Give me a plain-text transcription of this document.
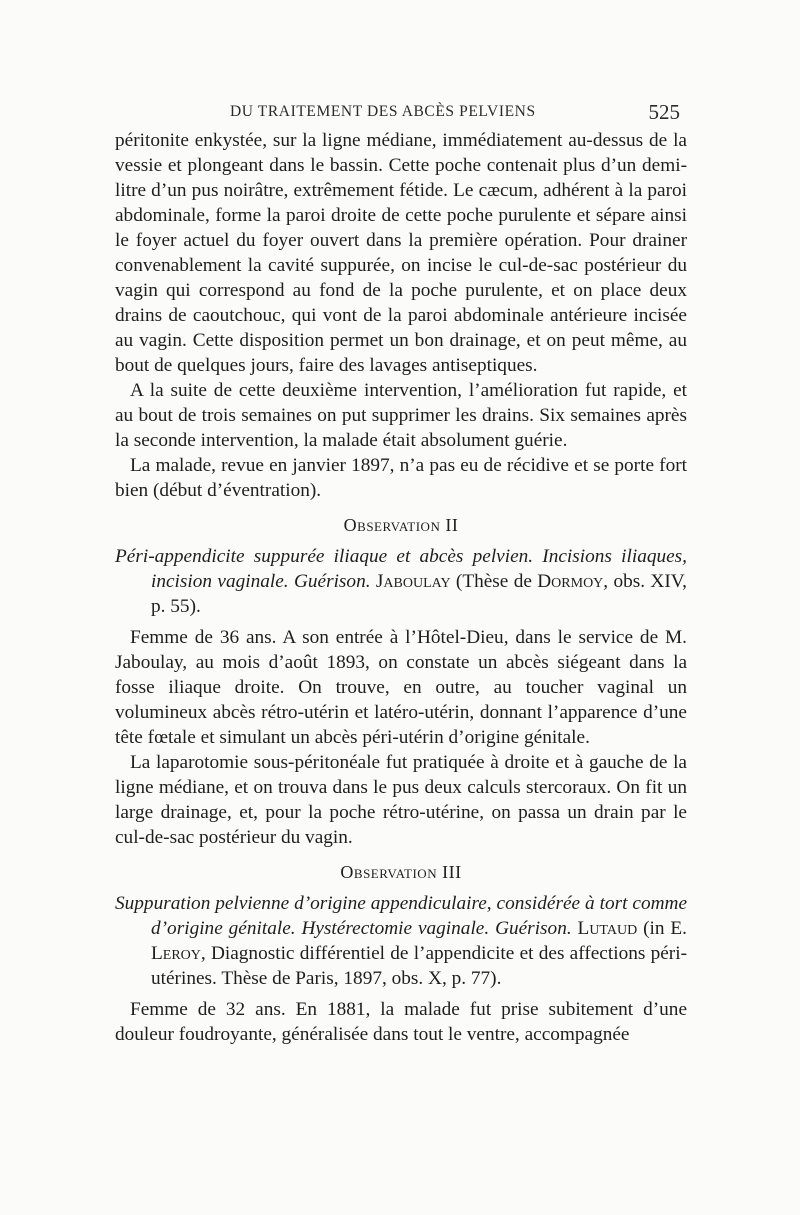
DU TRAITEMENT DES ABCÈS PELVIENS	525

péritonite enkystée, sur la ligne médiane, immédiatement au-dessus de la vessie et plongeant dans le bassin. Cette poche contenait plus d’un demi-litre d’un pus noirâtre, extrêmement fétide. Le cæcum, adhérent à la paroi abdominale, forme la paroi droite de cette poche purulente et sépare ainsi le foyer actuel du foyer ouvert dans la première opération. Pour drainer convenablement la cavité suppurée, on incise le cul-de-sac postérieur du vagin qui correspond au fond de la poche purulente, et on place deux drains de caoutchouc, qui vont de la paroi abdominale antérieure incisée au vagin. Cette disposition permet un bon drainage, et on peut même, au bout de quelques jours, faire des lavages antiseptiques.

A la suite de cette deuxième intervention, l’amélioration fut rapide, et au bout de trois semaines on put supprimer les drains. Six semaines après la seconde intervention, la malade était absolument guérie.

La malade, revue en janvier 1897, n’a pas eu de récidive et se porte fort bien (début d’éventration).

Observation II

Péri-appendicite suppurée iliaque et abcès pelvien. Incisions iliaques, incision vaginale. Guérison. Jaboulay (Thèse de Dormoy, obs. XIV, p. 55).

Femme de 36 ans. A son entrée à l’Hôtel-Dieu, dans le service de M. Jaboulay, au mois d’août 1893, on constate un abcès siégeant dans la fosse iliaque droite. On trouve, en outre, au toucher vaginal un volumineux abcès rétro-utérin et latéro-utérin, donnant l’apparence d’une tête fœtale et simulant un abcès péri-utérin d’origine génitale.

La laparotomie sous-péritonéale fut pratiquée à droite et à gauche de la ligne médiane, et on trouva dans le pus deux calculs stercoraux. On fit un large drainage, et, pour la poche rétro-utérine, on passa un drain par le cul-de-sac postérieur du vagin.

Observation III

Suppuration pelvienne d’origine appendiculaire, considérée à tort comme d’origine génitale. Hystérectomie vaginale. Guérison. Lutaud (in E. Leroy, Diagnostic différentiel de l’appendicite et des affections péri-utérines. Thèse de Paris, 1897, obs. X, p. 77).

Femme de 32 ans. En 1881, la malade fut prise subitement d’une douleur foudroyante, généralisée dans tout le ventre, accompagnée
